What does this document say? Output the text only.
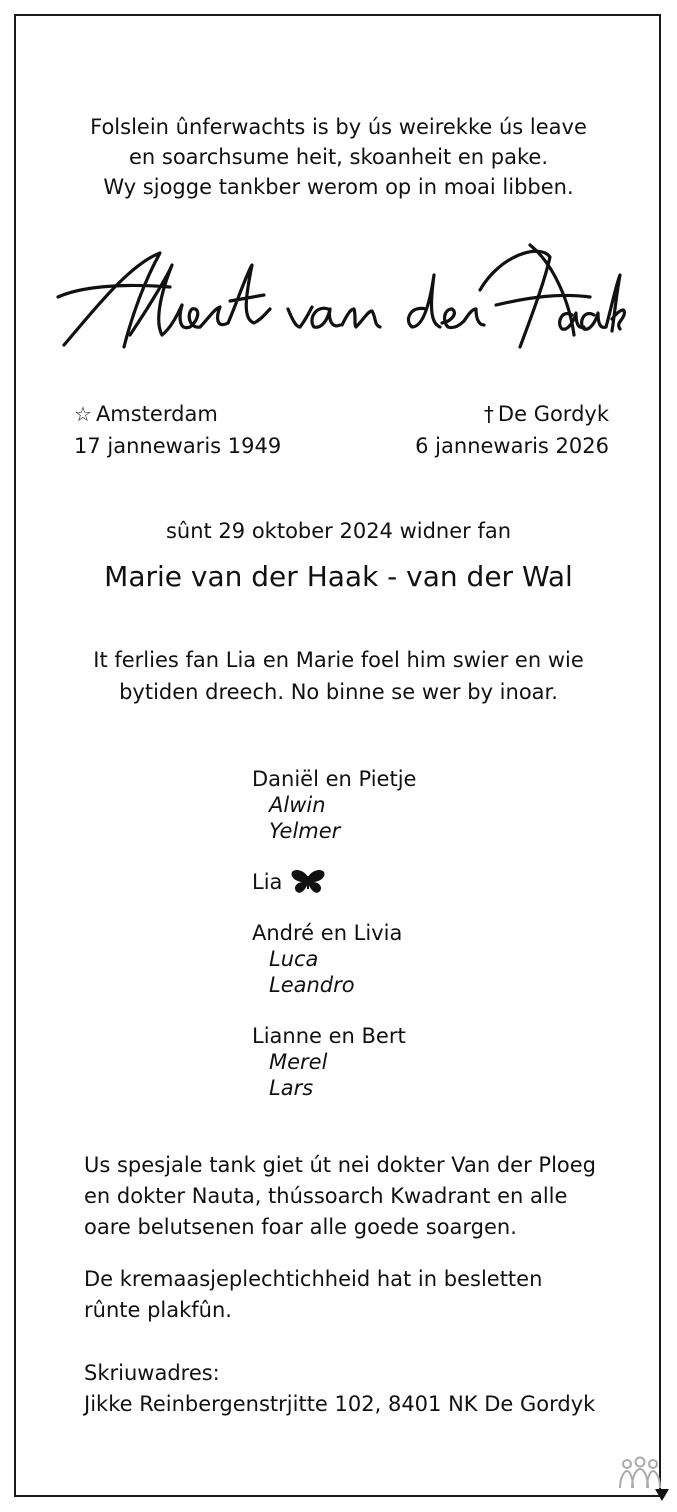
Folslein ûnferwachts is by ús weirekke ús leave
en soarchsume heit, skoanheit en pake.
Wy sjogge tankber werom op in moai libben.
☆ Amsterdam
17 jannewaris 1949
† De Gordyk
6 jannewaris 2026
sûnt 29 oktober 2024 widner fan
Marie van der Haak - van der Wal
It ferlies fan Lia en Marie foel him swier en wie
bytiden dreech. No binne se wer by inoar.
Daniël en Pietje
Alwin
Yelmer
Lia
André en Livia
Luca
Leandro
Lianne en Bert
Merel
Lars
Us spesjale tank giet út nei dokter Van der Ploeg
en dokter Nauta, thússoarch Kwadrant en alle
oare belutsenen foar alle goede soargen.
De kremaasjeplechtichheid hat in besletten
rûnte plakfûn.
Skriuwadres:
Jikke Reinbergenstrjitte 102, 8401 NK De Gordyk
